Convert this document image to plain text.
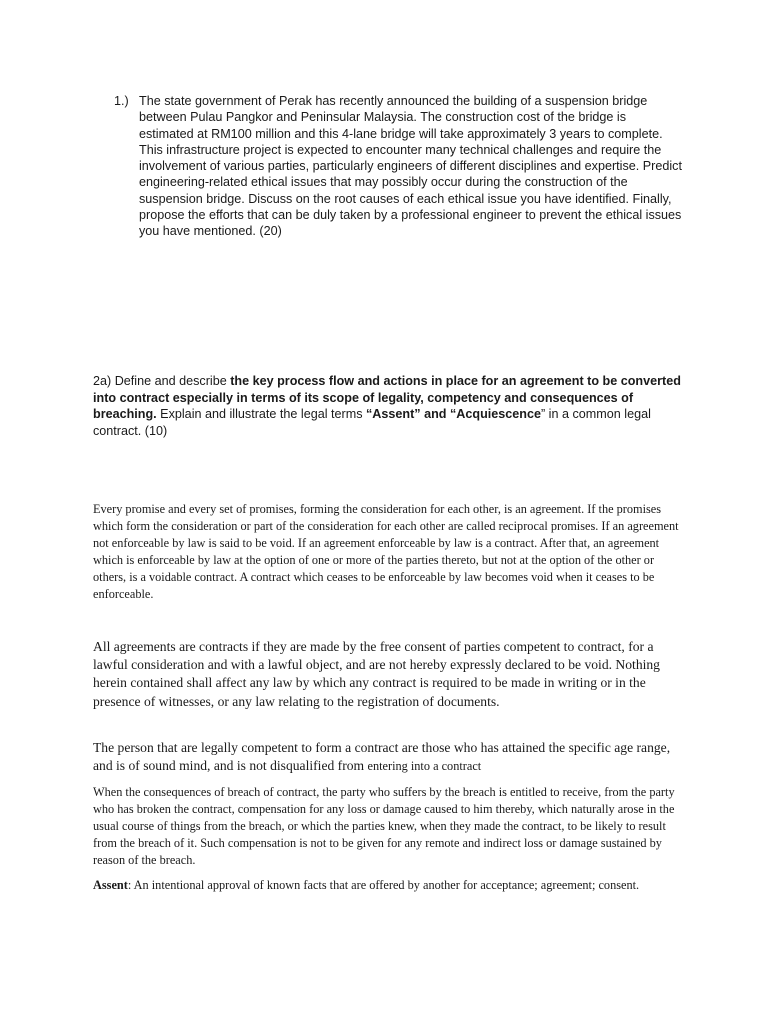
1.) The state government of Perak has recently announced the building of a suspension bridge between Pulau Pangkor and Peninsular Malaysia. The construction cost of the bridge is estimated at RM100 million and this 4-lane bridge will take approximately 3 years to complete. This infrastructure project is expected to encounter many technical challenges and require the involvement of various parties, particularly engineers of different disciplines and expertise. Predict engineering-related ethical issues that may possibly occur during the construction of the suspension bridge. Discuss on the root causes of each ethical issue you have identified. Finally, propose the efforts that can be duly taken by a professional engineer to prevent the ethical issues you have mentioned. (20)
2a) Define and describe the key process flow and actions in place for an agreement to be converted into contract especially in terms of its scope of legality, competency and consequences of breaching. Explain and illustrate the legal terms “Assent” and “Acquiescence” in a common legal contract. (10)
Every promise and every set of promises, forming the consideration for each other, is an agreement. If the promises which form the consideration or part of the consideration for each other are called reciprocal promises. If an agreement not enforceable by law is said to be void. If an agreement enforceable by law is a contract. After that, an agreement which is enforceable by law at the option of one or more of the parties thereto, but not at the option of the other or others, is a voidable contract. A contract which ceases to be enforceable by law becomes void when it ceases to be enforceable.
All agreements are contracts if they are made by the free consent of parties competent to contract, for a lawful consideration and with a lawful object, and are not hereby expressly declared to be void. Nothing herein contained shall affect any law by which any contract is required to be made in writing or in the presence of witnesses, or any law relating to the registration of documents.
The person that are legally competent to form a contract are those who has attained the specific age range, and is of sound mind, and is not disqualified from entering into a contract
When the consequences of breach of contract, the party who suffers by the breach is entitled to receive, from the party who has broken the contract, compensation for any loss or damage caused to him thereby, which naturally arose in the usual course of things from the breach, or which the parties knew, when they made the contract, to be likely to result from the breach of it. Such compensation is not to be given for any remote and indirect loss or damage sustained by reason of the breach.
Assent: An intentional approval of known facts that are offered by another for acceptance; agreement; consent.
